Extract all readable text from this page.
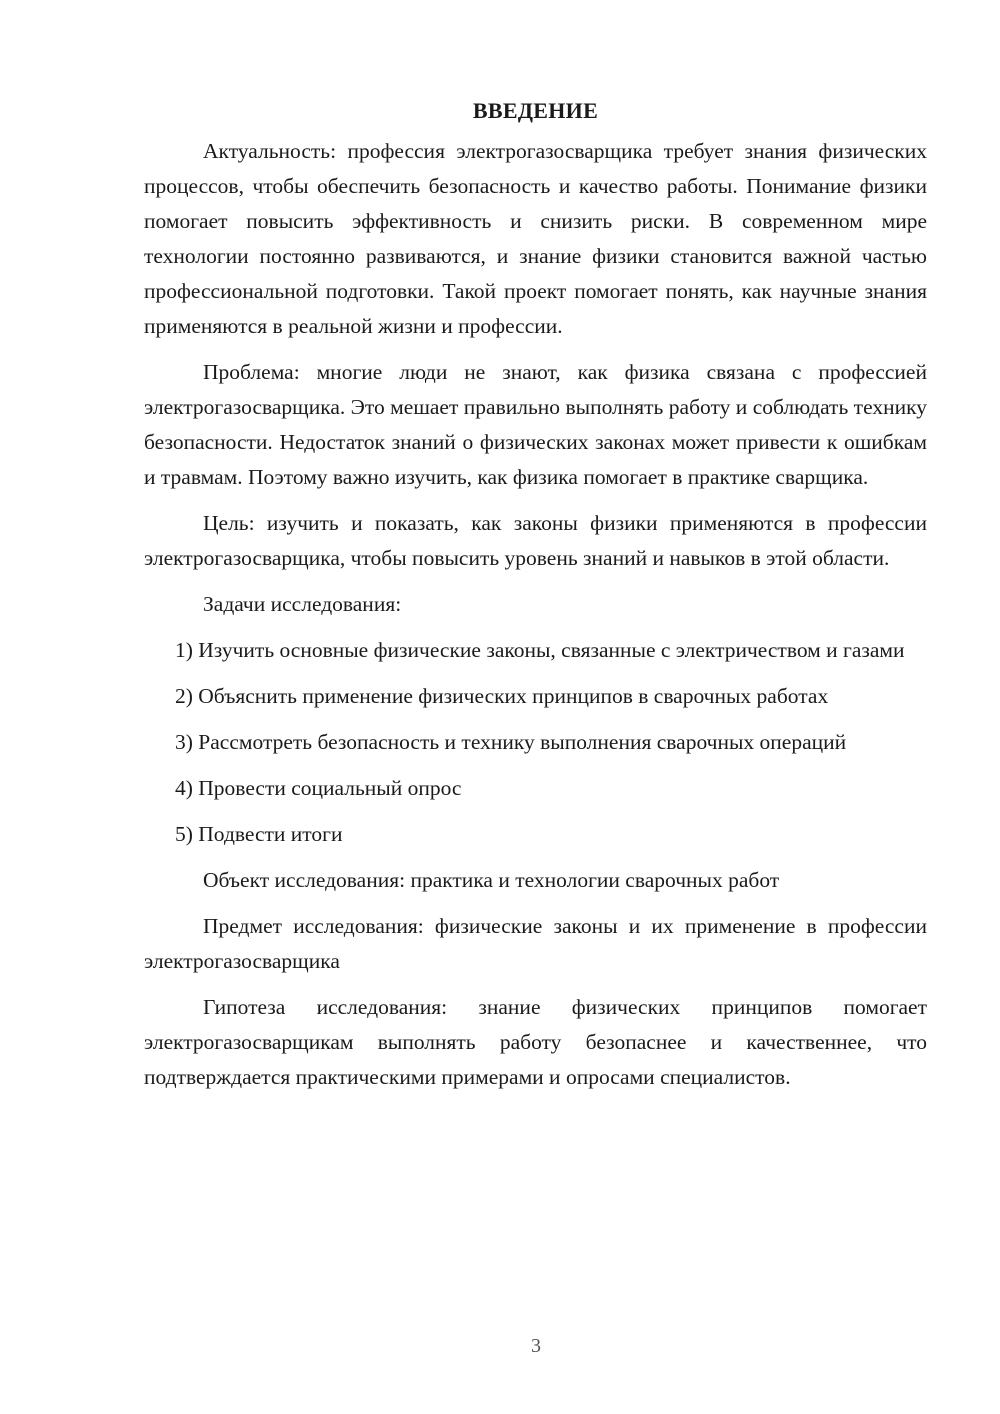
ВВЕДЕНИЕ

Актуальность: профессия электрогазосварщика требует знания физических процессов, чтобы обеспечить безопасность и качество работы. Понимание физики помогает повысить эффективность и снизить риски. В современном мире технологии постоянно развиваются, и знание физики становится важной частью профессиональной подготовки. Такой проект помогает понять, как научные знания применяются в реальной жизни и профессии.

Проблема: многие люди не знают, как физика связана с профессией электрогазосварщика. Это мешает правильно выполнять работу и соблюдать технику безопасности. Недостаток знаний о физических законах может привести к ошибкам и травмам. Поэтому важно изучить, как физика помогает в практике сварщика.

Цель: изучить и показать, как законы физики применяются в профессии электрогазосварщика, чтобы повысить уровень знаний и навыков в этой области.

Задачи исследования:

1) Изучить основные физические законы, связанные с электричеством и газами

2) Объяснить применение физических принципов в сварочных работах

3) Рассмотреть безопасность и технику выполнения сварочных операций

4) Провести социальный опрос

5) Подвести итоги

Объект исследования: практика и технологии сварочных работ

Предмет исследования: физические законы и их применение в профессии электрогазосварщика

Гипотеза исследования: знание физических принципов помогает электрогазосварщикам выполнять работу безопаснее и качественнее, что подтверждается практическими примерами и опросами специалистов.

3
